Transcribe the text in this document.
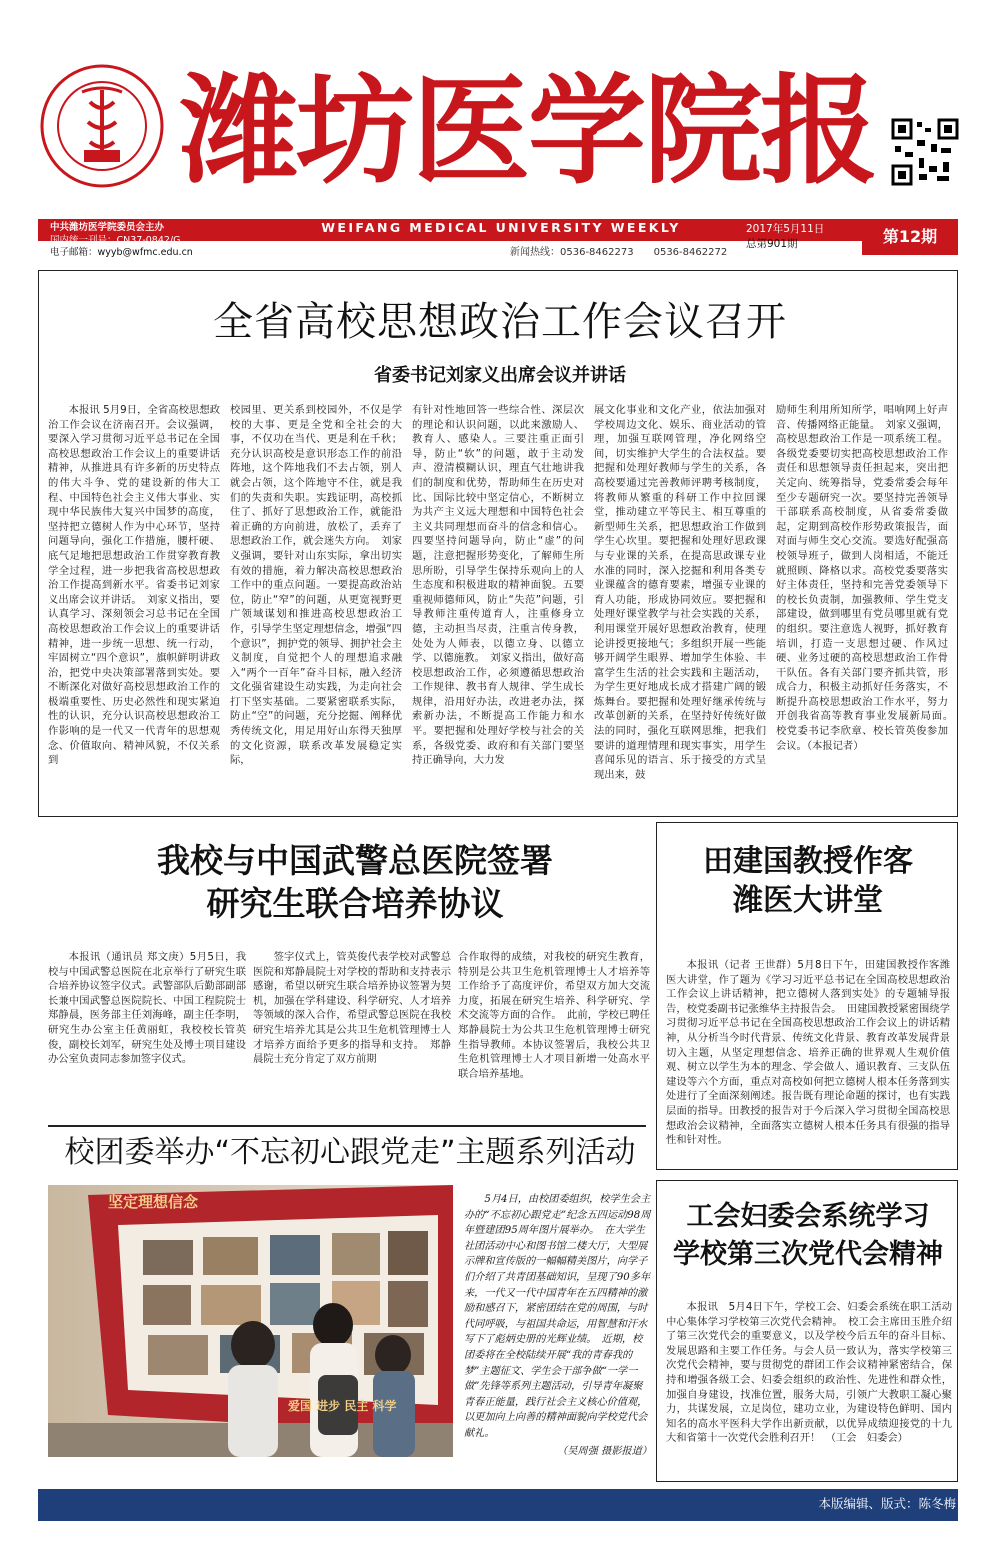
潍坊医学院报
中共潍坊医学院委员会主办
国内统一刊号：CN37-0842/G
电子邮箱：wyyb@wfmc.edu.cn
WEIFANG MEDICAL UNIVERSITY WEEKLY
新闻热线：0536-8462273　　0536-8462272
2017年5月11日
总第901期	第12期
全省高校思想政治工作会议召开
省委书记刘家义出席会议并讲话

本报讯 5月9日，全省高校思想政治工作会议在济南召开。会议强调，要深入学习贯彻习近平总书记在全国高校思想政治工作会议上的重要讲话精神，从推进具有许多新的历史特点的伟大斗争、党的建设新的伟大工程、中国特色社会主义伟大事业、实现中华民族伟大复兴中国梦的高度，坚持把立德树人作为中心环节，坚持问题导向，强化工作措施，腰杆硬、底气足地把思想政治工作贯穿教育教学全过程，进一步把我省高校思想政治工作提高到新水平。省委书记刘家义出席会议并讲话。　刘家义指出，要认真学习、深刻领会习总书记在全国高校思想政治工作会议上的重要讲话精神，进一步统一思想、统一行动，牢固树立“四个意识”，旗帜鲜明讲政治，把党中央决策部署落到实处。要不断深化对做好高校思想政治工作的极端重要性、历史必然性和现实紧迫性的认识，充分认识高校思想政治工作影响的是一代又一代青年的思想观念、价值取向、精神风貌，不仅关系到

校园里、更关系到校园外，不仅是学校的大事、更是全党和全社会的大事，不仅功在当代、更是利在千秋；充分认识高校是意识形态工作的前沿阵地，这个阵地我们不去占领，别人就会占领，这个阵地守不住，就是我们的失责和失职。实践证明，高校抓住了、抓好了思想政治工作，就能沿着正确的方向前进，放松了，丢弃了思想政治工作，就会迷失方向。　刘家义强调，要针对山东实际，拿出切实有效的措施，着力解决高校思想政治工作中的重点问题。一要提高政治站位，防止“窄”的问题，从更宽视野更广领域谋划和推进高校思想政治工作，引导学生坚定理想信念，增强“四个意识”，拥护党的领导、拥护社会主义制度，自觉把个人的理想追求融入“两个一百年”奋斗目标，融入经济文化强省建设生动实践，为走向社会打下坚实基础。二要紧密联系实际，防止“空”的问题，充分挖掘、阐释优秀传统文化，用足用好山东得天独厚的文化资源，联系改革发展稳定实际，

有针对性地回答一些综合性、深层次的理论和认识问题，以此来激励人、教育人、感染人。三要注重正面引导，防止“软”的问题，敢于主动发声、澄清模糊认识，理直气壮地讲我们的制度和优势，帮助师生在历史对比、国际比较中坚定信心，不断树立为共产主义远大理想和中国特色社会主义共同理想而奋斗的信念和信心。四要坚持问题导向，防止“虚”的问题，注意把握形势变化，了解师生所思所盼，引导学生保持乐观向上的人生态度和积极进取的精神面貌。五要重视师德师风，防止“失范”问题，引导教师注重传道育人，注重修身立德，主动担当尽责，注重言传身教，处处为人师表，以德立身、以德立学、以德施教。　刘家义指出，做好高校思想政治工作，必须遵循思想政治工作规律、教书育人规律、学生成长规律，沿用好办法，改进老办法，探索新办法，不断提高工作能力和水平。要把握和处理好学校与社会的关系，各级党委、政府和有关部门要坚持正确导向，大力发

展文化事业和文化产业，依法加强对学校周边文化、娱乐、商业活动的管理，加强互联网管理，净化网络空间，切实维护大学生的合法权益。要把握和处理好教师与学生的关系，各高校要通过完善教师评聘考核制度，将教师从繁重的科研工作中拉回课堂，推动建立平等民主、相互尊重的新型师生关系，把思想政治工作做到学生心坎里。要把握和处理好思政课与专业课的关系，在提高思政课专业水准的同时，深入挖掘和利用各类专业课蕴含的德育要素，增强专业课的育人功能，形成协同效应。要把握和处理好课堂教学与社会实践的关系，利用课堂开展好思想政治教育，使理论讲授更接地气；多组织开展一些能够开阔学生眼界、增加学生体验、丰富学生生活的社会实践和主题活动，为学生更好地成长成才搭建广阔的锻炼舞台。要把握和处理好继承传统与改革创新的关系，在坚持好传统好做法的同时，强化互联网思维，把我们要讲的道理情理和现实事实，用学生喜闻乐见的语言、乐于接受的方式呈现出来，鼓

励师生利用所知所学，唱响网上好声音、传播网络正能量。　刘家义强调，高校思想政治工作是一项系统工程。各级党委要切实把高校思想政治工作责任和思想领导责任担起来，突出把关定向、统筹指导，党委常委会每年至少专题研究一次。要坚持完善领导干部联系高校制度，从省委常委做起，定期到高校作形势政策报告，面对面与师生交心交流。要选好配强高校领导班子，做到人岗相适，不能迁就照顾、降格以求。高校党委要落实好主体责任，坚持和完善党委领导下的校长负责制，加强教师、学生党支部建设，做到哪里有党员哪里就有党的组织。要注意选人视野，抓好教育培训，打造一支思想过硬、作风过硬、业务过硬的高校思想政治工作骨干队伍。各有关部门要齐抓共管，形成合力，积极主动抓好任务落实，不断提升高校思想政治工作水平，努力开创我省高等教育事业发展新局面。　校党委书记李欣章、校长管英俊参加会议。（本报记者）

我校与中国武警总医院签署
研究生联合培养协议

本报讯（通讯员 郑文庚）5月5日，我校与中国武警总医院在北京举行了研究生联合培养协议签字仪式。武警部队后勤部副部长兼中国武警总医院院长、中国工程院院士郑静晨，医务部主任刘海峰，副主任李明，研究生办公室主任黄丽虹，我校校长管英俊，副校长刘军，研究生处及博士项目建设办公室负责同志参加签字仪式。

签字仪式上，管英俊代表学校对武警总医院和郑静晨院士对学校的帮助和支持表示感谢，希望以研究生联合培养协议签署为契机，加强在学科建设、科学研究、人才培养等领域的深入合作，希望武警总医院在我校研究生培养尤其是公共卫生危机管理博士人才培养方面给予更多的指导和支持。　郑静晨院士充分肯定了双方前期

合作取得的成绩，对我校的研究生教育，特别是公共卫生危机管理博士人才培养等工作给予了高度评价，希望双方加大交流力度，拓展在研究生培养、科学研究、学术交流等方面的合作。　此前，学校已聘任郑静晨院士为公共卫生危机管理博士研究生指导教师。本协议签署后，我校公共卫生危机管理博士人才项目新增一处高水平联合培养基地。

田建国教授作客
潍医大讲堂

本报讯（记者 王世群）5月8日下午，田建国教授作客潍医大讲堂，作了题为《学习习近平总书记在全国高校思想政治工作会议上讲话精神，把立德树人落到实处》的专题辅导报告，校党委副书记张维华主持报告会。　田建国教授紧密围绕学习贯彻习近平总书记在全国高校思想政治工作会议上的讲话精神，从分析当今时代背景、传统文化背景、教育改革发展背景切入主题，从坚定理想信念、培养正确的世界观人生观价值观、树立以学生为本的理念、学会做人、通识教育、三支队伍建设等六个方面，重点对高校如何把立德树人根本任务落到实处进行了全面深刻阐述。报告既有理论命题的探讨，也有实践层面的指导。田教授的报告对于今后深入学习贯彻全国高校思想政治会议精神，全面落实立德树人根本任务具有很强的指导性和针对性。

校团委举办“不忘初心跟党走”主题系列活动
坚定理想信念
爱国 进步 民主 科学

5月4日，由校团委组织，校学生会主办的“不忘初心跟党走”纪念五四运动98周年暨建团95周年图片展举办。　在大学生社团活动中心和图书馆二楼大厅，大型展示牌和宣传版的一幅幅精美图片，向学子们介绍了共青团基础知识，呈现了90多年来，一代又一代中国青年在五四精神的激励和感召下，紧密团结在党的周围，与时代同呼吸，与祖国共命运，用智慧和汗水写下了彪炳史册的光辉业绩。　近期，校团委将在全校陆续开展“我的青春我的梦”主题征文、学生会干部争做“一学一做”先锋等系列主题活动，引导青年凝聚青春正能量，践行社会主义核心价值观，以更加向上向善的精神面貌向学校党代会献礼。

（吴周强 摄影报道）
工会妇委会系统学习
学校第三次党代会精神

本报讯　5月4日下午，学校工会、妇委会系统在职工活动中心集体学习学校第三次党代会精神。　校工会主席田玉胜介绍了第三次党代会的重要意义，以及学校今后五年的奋斗目标、发展思路和主要工作任务。与会人员一致认为，落实学校第三次党代会精神，要与贯彻党的群团工作会议精神紧密结合，保持和增强各级工会、妇委会组织的政治性、先进性和群众性，加强自身建设，找准位置，服务大局，引领广大教职工凝心聚力，共谋发展，立足岗位，建功立业，为建设特色鲜明、国内知名的高水平医科大学作出新贡献，以优异成绩迎接党的十九大和省第十一次党代会胜利召开！　（工会　妇委会）

本版编辑、版式：陈冬梅
